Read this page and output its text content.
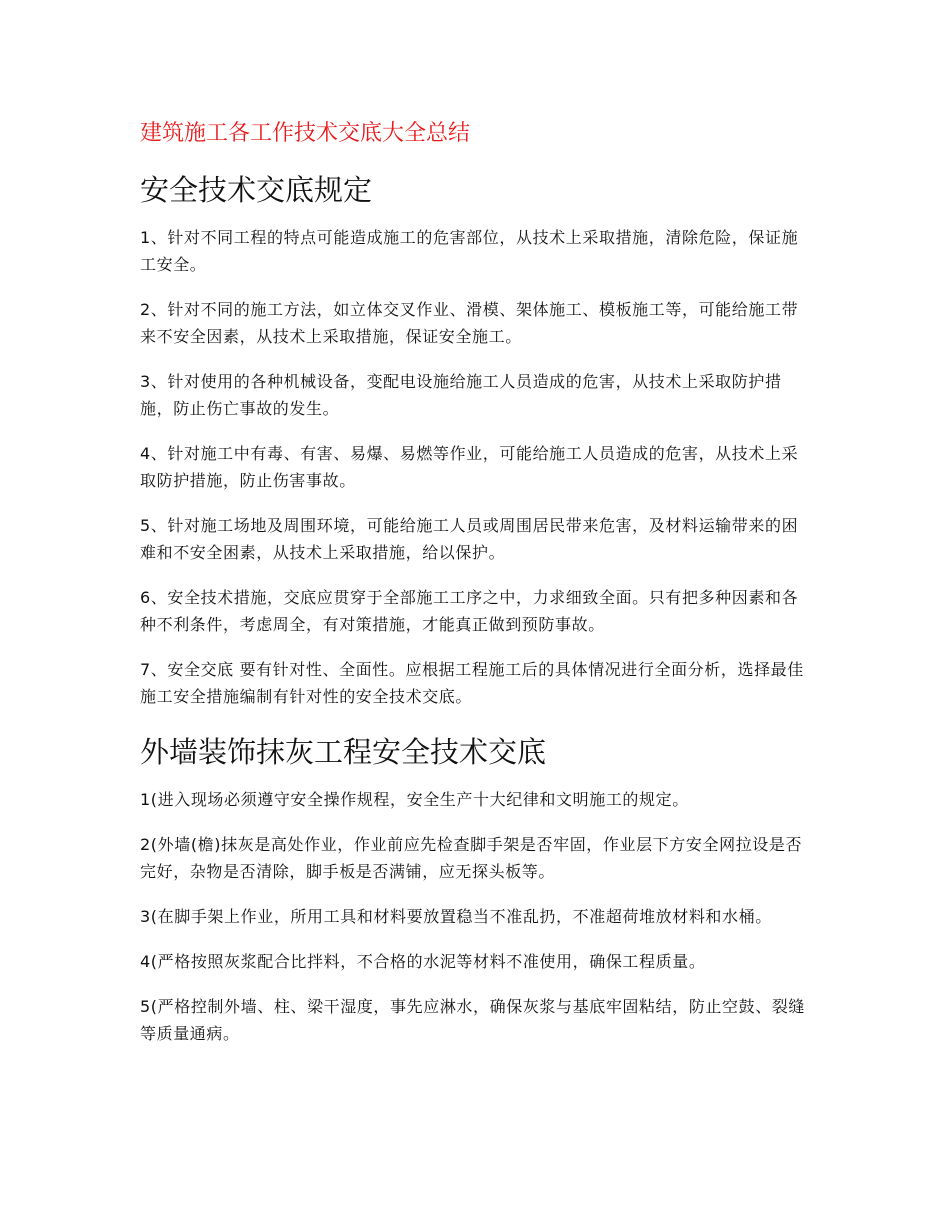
建筑施工各工作技术交底大全总结
安全技术交底规定

1、针对不同工程的特点可能造成施工的危害部位，从技术上采取措施，清除危险，保证施工安全。

2、针对不同的施工方法，如立体交叉作业、滑模、架体施工、模板施工等，可能给施工带来不安全因素，从技术上采取措施，保证安全施工。

3、针对使用的各种机械设备，变配电设施给施工人员造成的危害，从技术上采取防护措施，防止伤亡事故的发生。

4、针对施工中有毒、有害、易爆、易燃等作业，可能给施工人员造成的危害，从技术上采取防护措施，防止伤害事故。

5、针对施工场地及周围环境，可能给施工人员或周围居民带来危害，及材料运输带来的困难和不安全困素，从技术上采取措施，给以保护。

6、安全技术措施，交底应贯穿于全部施工工序之中，力求细致全面。只有把多种因素和各种不利条件，考虑周全，有对策措施，才能真正做到预防事故。

7、安全交底 要有针对性、全面性。应根据工程施工后的具体情况进行全面分析，选择最佳施工安全措施编制有针对性的安全技术交底。

外墙装饰抹灰工程安全技术交底

1(进入现场必须遵守安全操作规程，安全生产十大纪律和文明施工的规定。

2(外墙(檐)抹灰是高处作业，作业前应先检查脚手架是否牢固，作业层下方安全网拉设是否完好，杂物是否清除，脚手板是否满铺，应无探头板等。

3(在脚手架上作业，所用工具和材料要放置稳当不准乱扔，不准超荷堆放材料和水桶。

4(严格按照灰浆配合比拌料，不合格的水泥等材料不准使用，确保工程质量。

5(严格控制外墙、柱、梁干湿度，事先应淋水，确保灰浆与基底牢固粘结，防止空鼓、裂缝等质量通病。
